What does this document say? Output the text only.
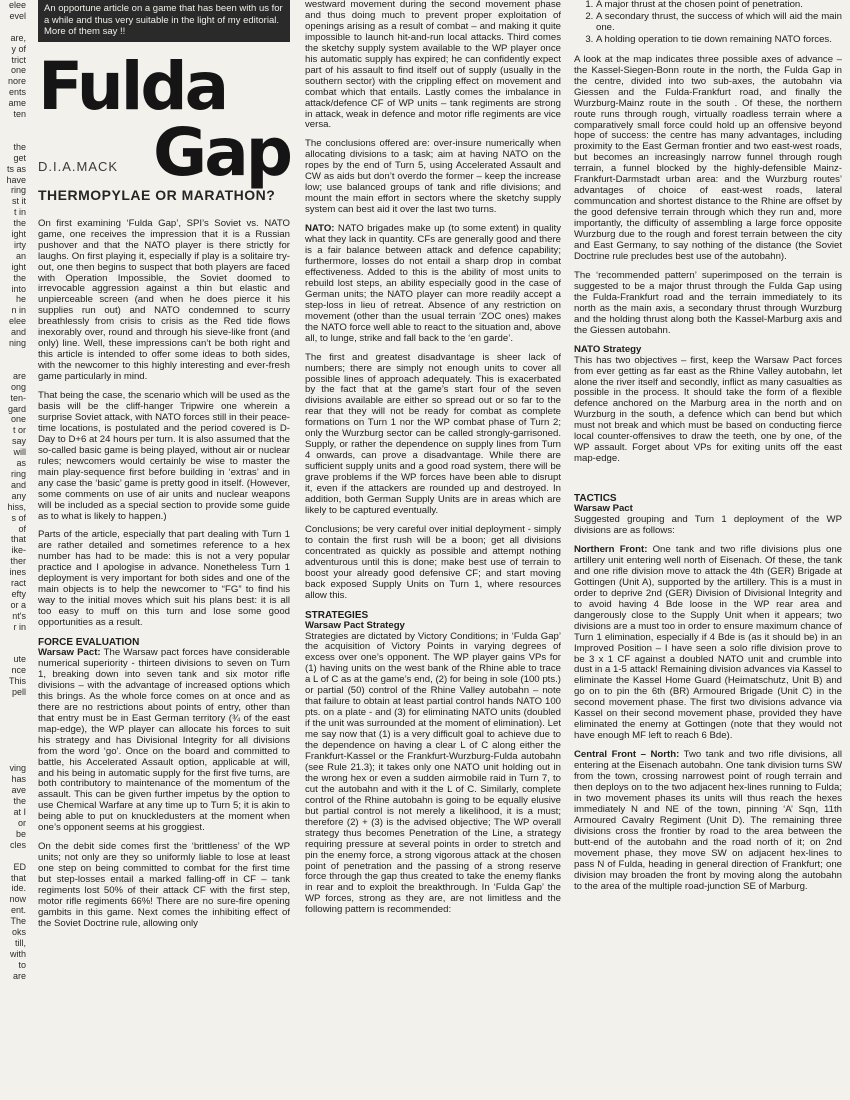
elee
evel

are,
y of
trict
one
nore
ents
ame
ten

the
get
ts as
have
ring
st it
t in
the
ight
irty
an
ight
the
into
he
n in
elee
and
ning

are
ong
ten-
gard
one
t or
say
will
as
ring
and
any
hiss,
s of
of
that
ike-
ther
ines
ract
efty
or a
nt's
r in

ute
nce
This
pell

ving
has
ave
the
at I
or
be
cles

ED
that
ide.
now
ent.
The
oks
till,
with
to
are
An opportune article on a game that has been with us for a while and thus very suitable in the light of my editorial. More of them say !!
Fulda
Gap
D.I.A.MACK
THERMOPYLAE OR MARATHON?

On first examining ‘Fulda Gap’, SPI’s Soviet vs. NATO game, one receives the impression that it is a Russian pushover and that the NATO player is there strictly for laughs. On first playing it, especially if play is a solitaire try-out, one then begins to suspect that both players are faced with Operation Impossible, the Soviet doomed to irrevocable aggression against a thin but elastic and unpierceable screen (and when he does pierce it his supplies run out) and NATO condemned to scurry breathlessly from crisis to crisis as the Red tide flows inexorably over, round and through his sieve-like front (and only) line. Well, these impressions can’t be both right and this article is intended to offer some ideas to both sides, with the newcomer to this highly interesting and ever-fresh game particularly in mind.

That being the case, the scenario which will be used as the basis will be the cliff-hanger Tripwire one wherein a surprise Soviet attack, with NATO forces still in their peace-time locations, is postulated and the period covered is D-Day to D+6 at 24 hours per turn. It is also assumed that the so-called basic game is being played, without air or nuclear rules; newcomers would certainly be wise to master the main play-sequence first before building in ‘extras’ and in any case the ‘basic’ game is pretty good in itself. (However, some comments on use of air units and nuclear weapons will be included as a special section to provide some guide as to what is likely to happen.)

Parts of the article, especially that part dealing with Turn 1 are rather detailed and sometimes reference to a hex number has had to be made: this is not a very popular practice and I apologise in advance. Nonetheless Turn 1 deployment is very important for both sides and one of the main objects is to help the newcomer to “FG” to find his way to the initial moves which suit his plans best: it is all too easy to muff on this turn and lose some good opportunities as a result.

FORCE EVALUATION

Warsaw Pact: The Warsaw pact forces have considerable numerical superiority - thirteen divisions to seven on Turn 1, breaking down into seven tank and six motor rifle divisions – with the advantage of increased options which this brings. As the whole force comes on at once and as there are no restrictions about points of entry, other than that entry must be in East German territory (¾ of the east map-edge), the WP player can allocate his forces to suit his strategy and has Divisional Integrity for all divisions from the word ‘go’. Once on the board and committed to battle, his Accelerated Assault option, applicable at will, and his being in automatic supply for the first five turns, are both contributory to maintenance of the momentum of the assault. This can be given further impetus by the option to use Chemical Warfare at any time up to Turn 5; it is akin to being able to put on knuckledusters at the moment when one’s opponent seems at his groggiest.

On the debit side comes first the ‘brittleness’ of the WP units; not only are they so uniformly liable to lose at least one step on being committed to combat for the first time but step-losses entail a marked falling-off in CF – tank regiments lost 50% of their attack CF with the first step, motor rifle regiments 66%! There are no sure-fire opening gambits in this game. Next comes the inhibiting effect of the Soviet Doctrine rule, allowing only

westward movement during the second movement phase and thus doing much to prevent proper exploitation of openings arising as a result of combat – and making it quite impossible to launch hit-and-run local attacks. Third comes the sketchy supply system available to the WP player once his automatic supply has expired; he can confidently expect part of his assault to find itself out of supply (usually in the southern sector) with the crippling effect on movement and combat which that entails. Lastly comes the imbalance in attack/defence CF of WP units – tank regiments are strong in attack, weak in defence and motor rifle regiments are vice versa.

The conclusions offered are: over-insure numerically when allocating divisions to a task; aim at having NATO on the ropes by the end of Turn 5, using Accelerated Assault and CW as aids but don’t overdo the former – keep the increase low; use balanced groups of tank and rifle divisions; and mount the main effort in sectors where the sketchy supply system can best aid it over the last two turns.

NATO: NATO brigades make up (to some extent) in quality what they lack in quantity. CFs are generally good and there is a fair balance between attack and defence capability; furthermore, losses do not entail a sharp drop in combat effectiveness. Added to this is the ability of most units to rebuild lost steps, an ability especially good in the case of German units; the NATO player can more readily accept a step-loss in lieu of retreat. Absence of any restriction on movement (other than the usual terrain ‘ZOC ones) makes the NATO force well able to react to the situation and, above all, to lunge, strike and fall back to the ‘en garde’.

The first and greatest disadvantage is sheer lack of numbers; there are simply not enough units to cover all possible lines of approach adequately. This is exacerbated by the fact that at the game’s start four of the seven divisions available are either so spread out or so far to the rear that they will not be ready for combat as complete formations on Turn 1 nor the WP combat phase of Turn 2; only the Wurzburg sector can be called strongly-garrisoned. Supply, or rather the dependence on supply lines from Turn 4 onwards, can prove a disadvantage. While there are sufficient supply units and a good road system, there will be grave problems if the WP forces have been able to disrupt it, even if the attackers are rounded up and destroyed. In addition, both German Supply Units are in areas which are likely to be captured eventually.

Conclusions; be very careful over initial deployment - simply to contain the first rush will be a boon; get all divisions concentrated as quickly as possible and attempt nothing adventurous until this is done; make best use of terrain to boost your already good defensive CF; and start moving back exposed Supply Units on Turn 1, where resources allow this.

STRATEGIES
Warsaw Pact Strategy

Strategies are dictated by Victory Conditions; in ‘Fulda Gap’ the acquisition of Victory Points in varying degrees of excess over one’s opponent. The WP player gains VPs for (1) having units on the west bank of the Rhine able to trace a L of C as at the game’s end, (2) for being in sole (100 pts.) or partial (50) control of the Rhine Valley autobahn – note that failure to obtain at least partial control hands NATO 100 pts. on a plate - and (3) for eliminating NATO units (doubled if the unit was surrounded at the moment of elimination). Let me say now that (1) is a very difficult goal to achieve due to the dependence on having a clear L of C along either the Frankfurt-Kassel or the Frankfurt-Wurzburg-Fulda autobahn (see Rule 21.3); it takes only one NATO unit holding out in the wrong hex or even a sudden airmobile raid in Turn 7, to cut the autobahn and with it the L of C. Similarly, complete control of the Rhine autobahn is going to be equally elusive but partial control is not merely a likelihood, it is a must; therefore (2) + (3) is the advised objective; The WP overall strategy thus becomes Penetration of the Line, a strategy requiring pressure at several points in order to stretch and pin the enemy force, a strong vigorous attack at the chosen point of penetration and the passing of a strong reserve force through the gap thus created to take the enemy flanks in rear and to exploit the breakthrough. In ‘Fulda Gap’ the WP forces, strong as they are, are not limitless and the following pattern is recommended:

1. A major thrust at the chosen point of penetration.
2. A secondary thrust, the success of which will aid the main one.
3. A holding operation to tie down remaining NATO forces.

A look at the map indicates three possible axes of advance – the Kassel-Siegen-Bonn route in the north, the Fulda Gap in the centre, divided into two sub-axes, the autobahn via Giessen and the Fulda-Frankfurt road, and finally the Wurzburg-Mainz route in the south . Of these, the northern route runs through rough, virtually roadless terrain where a comparatively small force could hold up an offensive beyond hope of success: the centre has many advantages, including proximity to the East German frontier and two east-west roads, but becomes an increasingly narrow funnel through rough terrain, a funnel blocked by the highly-defensible Mainz-Frankfurt-Darmstadt urban area: and the Wurzburg routes’ advantages of choice of east-west roads, lateral communcation and shortest distance to the Rhine are offset by the good defensive terrain through which they run and, more importantly, the difficulty of assembling a large force opposite Wurzburg due to the rough and forest terrain between the city and East Germany, to say nothing of the distance (the Soviet Doctrine rule precludes best use of the autobahn).

The ‘recommended pattern’ superimposed on the terrain is suggested to be a major thrust through the Fulda Gap using the Fulda-Frankfurt road and the terrain immediately to its north as the main axis, a secondary thrust through Wurzburg and the holding thrust along both the Kassel-Marburg axis and the Giessen autobahn.

NATO Strategy

This has two objectives – first, keep the Warsaw Pact forces from ever getting as far east as the Rhine Valley autobahn, let alone the river itself and secondly, inflict as many casualties as possible in the process. It should take the form of a flexible defence anchored on the Marburg area in the north and on Wurzburg in the south, a defence which can bend but which must not break and which must be based on conducting fierce local counter-offensives to draw the teeth, one by one, of the WP assault. Forget about VPs for exiting units off the east map-edge.

TACTICS
Warsaw Pact

Suggested grouping and Turn 1 deployment of the WP divisions are as follows:

Northern Front: One tank and two rifle divisions plus one artillery unit entering well north of Eisenach. Of these, the tank and one rifle division move to attack the 4th (GER) Brigade at Gottingen (Unit A), supported by the artillery. This is a must in order to deprive 2nd (GER) Division of Divisional Integrity and to avoid having 4 Bde loose in the WP rear area and dangerously close to the Supply Unit when it appears; two divisions are a must too in order to ensure maximum chance of Turn 1 elimination, especially if 4 Bde is (as it should be) in an Improved Position – I have seen a solo rifle division prove to be 3 x 1 CF against a doubled NATO unit and crumble into dust in a 1-5 attack! Remaining division advances via Kassel to eliminate the Kassel Home Guard (Heimatschutz, Unit B) and go on to pin the 6th (BR) Armoured Brigade (Unit C) in the second movement phase. The first two divisions advance via Kassel on their second movement phase, provided they have eliminated the enemy at Gottingen (note that they would not have enough MF left to reach 6 Bde).

Central Front – North: Two tank and two rifle divisions, all entering at the Eisenach autobahn. One tank division turns SW from the town, crossing narrowest point of rough terrain and then deploys on to the two adjacent hex-lines running to Fulda; in two movement phases its units will thus reach the hexes immediately N and NE of the town, pinning ‘A’ Sqn, 11th Armoured Cavalry Regiment (Unit D). The remaining three divisions cross the frontier by road to the area between the butt-end of the autobahn and the road north of it; on 2nd movement phase, they move SW on adjacent hex-lines to pass N of Fulda, heading in general direction of Frankfurt; one division may broaden the front by moving along the autobahn to the area of the multiple road-junction SE of Marburg.
